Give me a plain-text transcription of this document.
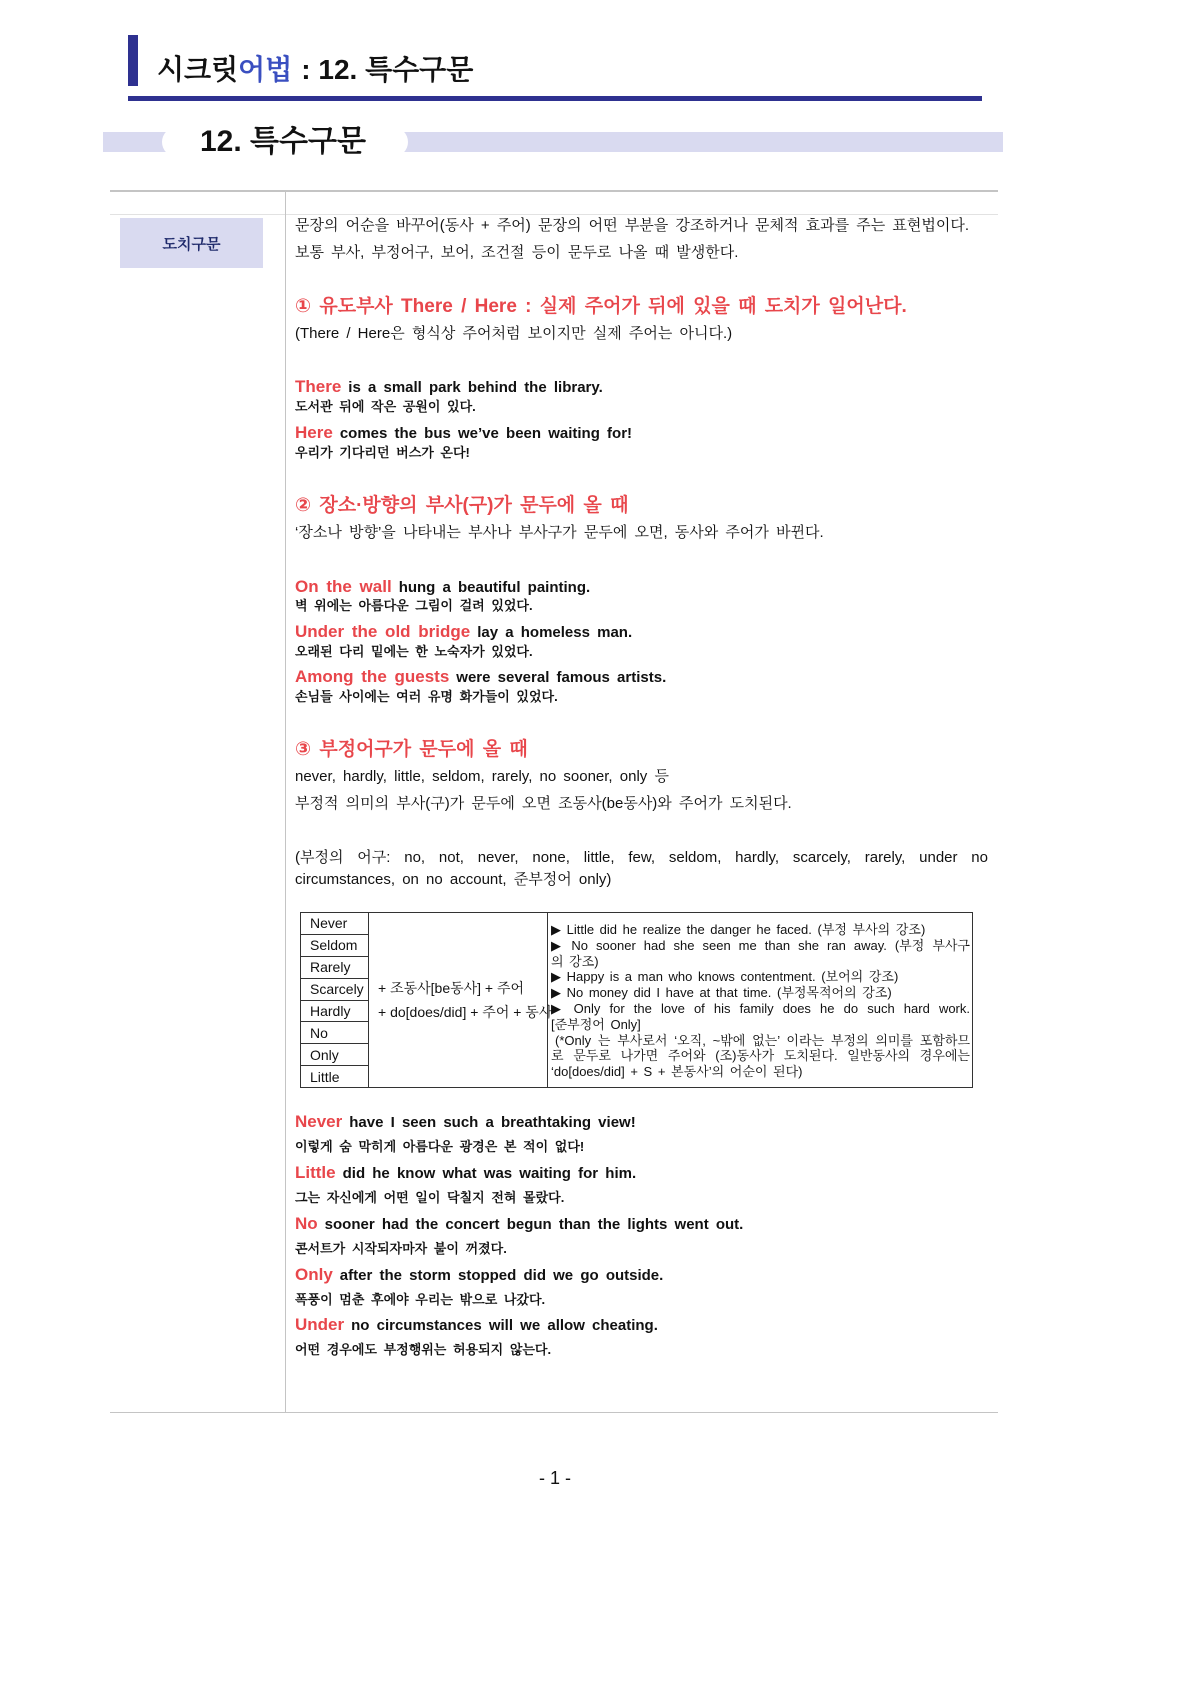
시크릿어법 : 12. 특수구문
12. 특수구문
도치구문
문장의 어순을 바꾸어(동사 + 주어) 문장의 어떤 부분을 강조하거나 문체적 효과를 주는 표현법이다.
보통 부사, 부정어구, 보어, 조건절 등이 문두로 나올 때 발생한다.
① 유도부사 There / Here : 실제 주어가 뒤에 있을 때 도치가 일어난다.
(There / Here은 형식상 주어처럼 보이지만 실제 주어는 아니다.)
There is a small park behind the library.
도서관 뒤에 작은 공원이 있다.
Here comes the bus we’ve been waiting for!
우리가 기다리던 버스가 온다!
② 장소·방향의 부사(구)가 문두에 올 때
‘장소나 방향’을 나타내는 부사나 부사구가 문두에 오면, 동사와 주어가 바뀐다.
On the wall hung a beautiful painting.
벽 위에는 아름다운 그림이 걸려 있었다.
Under the old bridge lay a homeless man.
오래된 다리 밑에는 한 노숙자가 있었다.
Among the guests were several famous artists.
손님들 사이에는 여러 유명 화가들이 있었다.
③ 부정어구가 문두에 올 때
never, hardly, little, seldom, rarely, no sooner, only 등
부정적 의미의 부사(구)가 문두에 오면 조동사(be동사)와 주어가 도치된다.
(부정의 어구: no, not, never, none, little, few, seldom, hardly, scarcely, rarely, under no
circumstances, on no account, 준부정어 only)
Never
Seldom
Rarely
Scarcely
Hardly
No
Only
Little
+ 조동사[be동사] + 주어
+ do[does/did] + 주어 + 동사
▶ Little did he realize the danger he faced. (부정 부사의 강조)
▶ No sooner had she seen me than she ran away. (부정 부사구
의 강조)
▶ Happy is a man who knows contentment. (보어의 강조)
▶ No money did I have at that time. (부정목적어의 강조)
▶ Only for the love of his family does he do such hard work.
[준부정어 Only]
(*Only 는 부사로서 ‘오직, ~밖에 없는’ 이라는 부정의 의미를 포함하므
로 문두로 나가면 주어와 (조)동사가 도치된다. 일반동사의 경우에는
‘do[does/did] + S + 본동사’의 어순이 된다)
Never have I seen such a breathtaking view!
이렇게 숨 막히게 아름다운 광경은 본 적이 없다!
Little did he know what was waiting for him.
그는 자신에게 어떤 일이 닥칠지 전혀 몰랐다.
No sooner had the concert begun than the lights went out.
콘서트가 시작되자마자 불이 꺼졌다.
Only after the storm stopped did we go outside.
폭풍이 멈춘 후에야 우리는 밖으로 나갔다.
Under no circumstances will we allow cheating.
어떤 경우에도 부정행위는 허용되지 않는다.
- 1 -
